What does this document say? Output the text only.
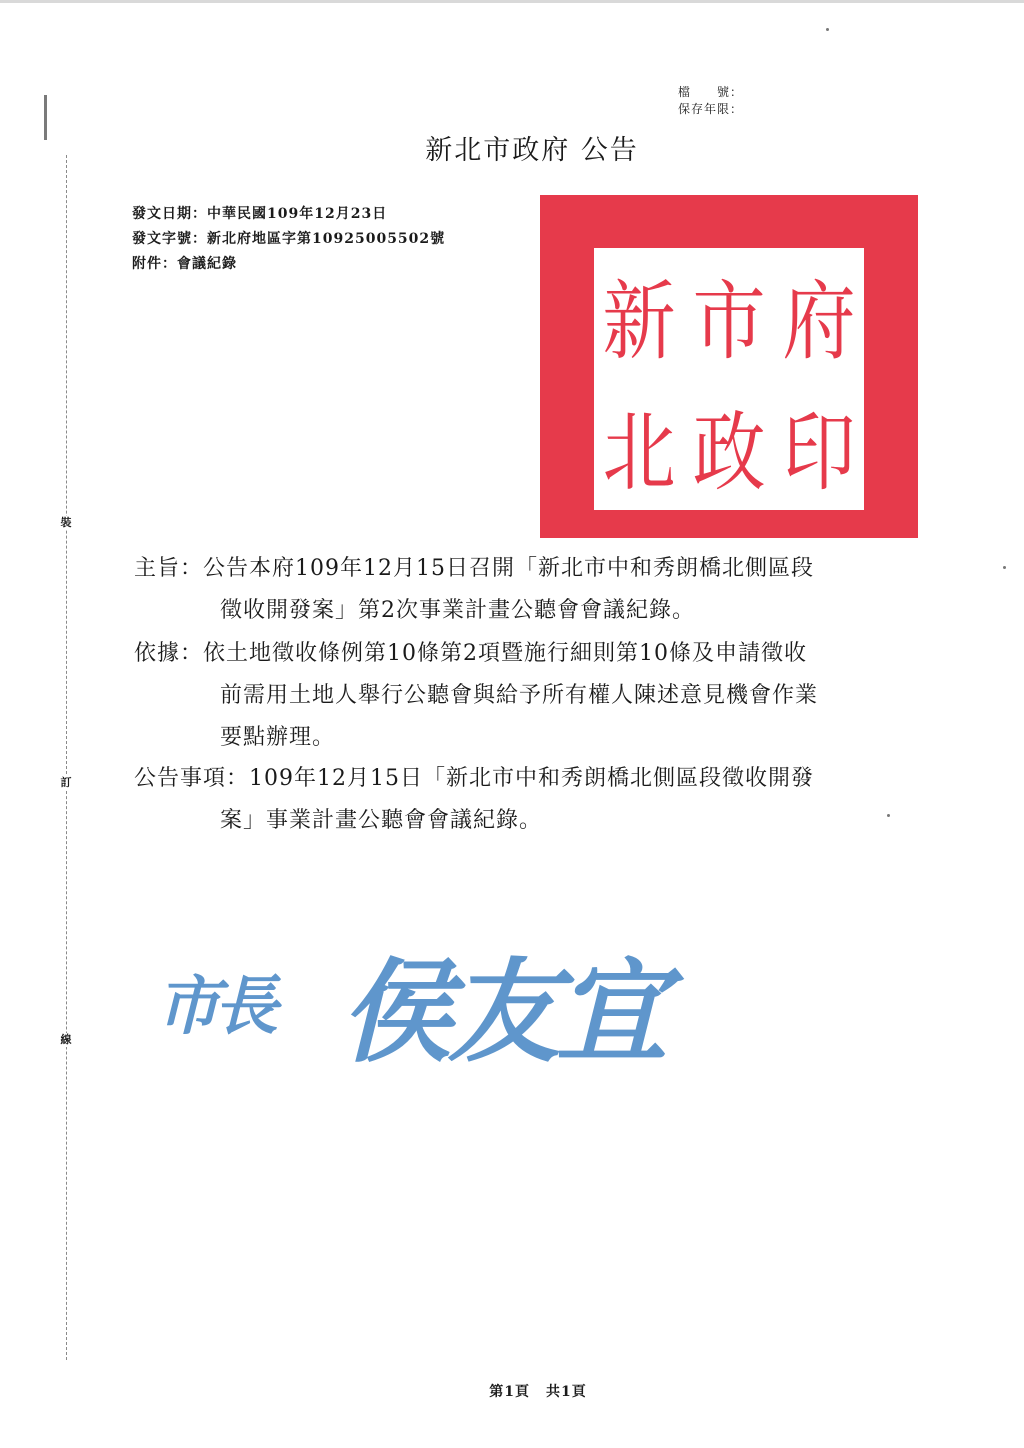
裝
訂
線
檔　　號：
保存年限：
新北市政府 公告
發文日期： 中華民國109年12月23日
發文字號： 新北府地區字第10925005502號
附件： 會議紀錄
新
北
市
政
府
印
主旨：公告本府109年12月15日召開「新北市中和秀朗橋北側區段
徵收開發案」第2次事業計畫公聽會會議紀錄。
依據：依土地徵收條例第10條第2項暨施行細則第10條及申請徵收
前需用土地人舉行公聽會與給予所有權人陳述意見機會作業
要點辦理。
公告事項：109年12月15日「新北市中和秀朗橋北側區段徵收開發
案」事業計畫公聽會會議紀錄。
市長 侯友宜
第1頁 共1頁
